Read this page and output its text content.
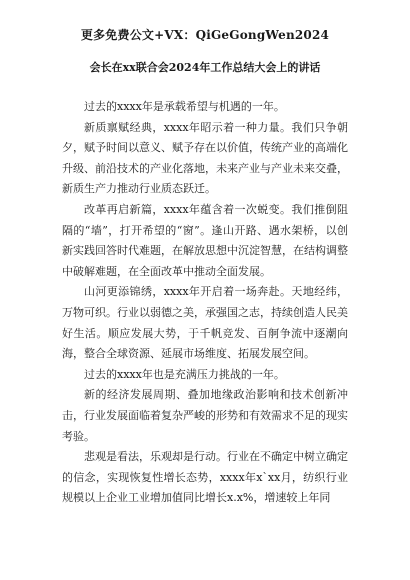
更多免费公文+VX：QiGeGongWen2024
会长在xx联合会2024年工作总结大会上的讲话

过去的xxxx年是承载希望与机遇的一年。

新质禀赋经典，xxxx年昭示着一种力量。我们只争朝夕，赋予时间以意义、赋予存在以价值，传统产业的高端化升级、前沿技术的产业化落地，未来产业与产业未来交叠，新质生产力推动行业质态跃迁。

改革再启新篇，xxxx年蕴含着一次蜕变。我们推倒阻隔的“墙”，打开希望的“窗”。逢山开路、遇水架桥，以创新实践回答时代难题，在解放思想中沉淀智慧，在结构调整中破解难题，在全面改革中推动全面发展。

山河更添锦绣，xxxx年开启着一场奔赴。天地经纬，万物可织。行业以弱德之美，承强国之志，持续创造人民美好生活。顺应发展大势，于千帆竞发、百舸争流中逐潮向海，整合全球资源、延展市场维度、拓展发展空间。

过去的xxxx年也是充满压力挑战的一年。

新的经济发展周期、叠加地缘政治影响和技术创新冲击，行业发展面临着复杂严峻的形势和有效需求不足的现实考验。

悲观是看法，乐观却是行动。行业在不确定中树立确定的信念，实现恢复性增长态势，xxxx年x`xx月，纺织行业规模以上企业工业增加值同比增长x.x%，增速较上年同
